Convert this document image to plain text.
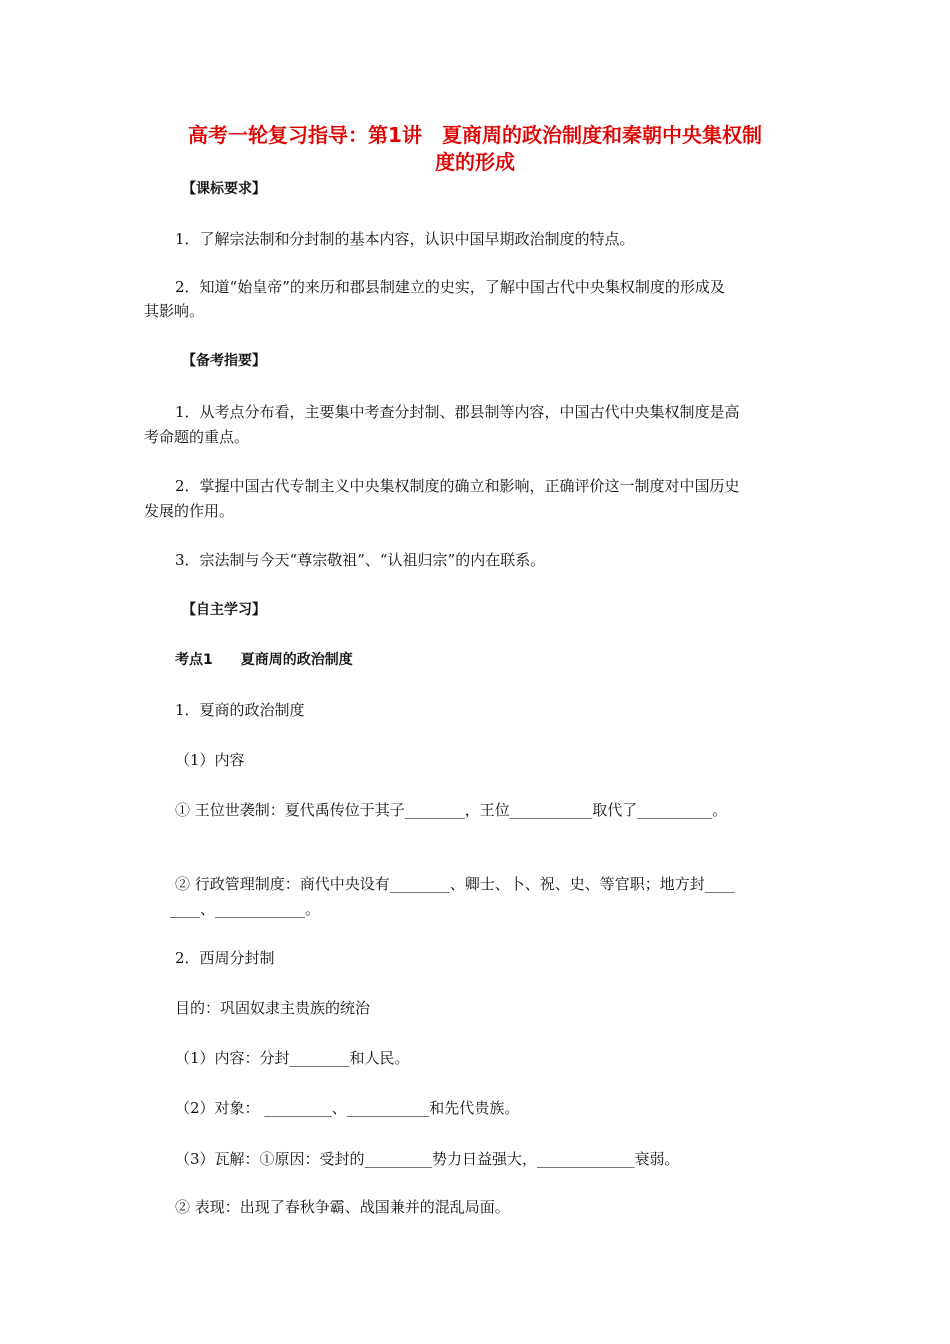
高考一轮复习指导：第1讲　夏商周的政治制度和秦朝中央集权制
度的形成
【课标要求】
1．了解宗法制和分封制的基本内容，认识中国早期政治制度的特点。
2．知道“始皇帝”的来历和郡县制建立的史实，了解中国古代中央集权制度的形成及
其影响。
【备考指要】
1．从考点分布看，主要集中考查分封制、郡县制等内容，中国古代中央集权制度是高
考命题的重点。
2．掌握中国古代专制主义中央集权制度的确立和影响，正确评价这一制度对中国历史
发展的作用。
3．宗法制与今天“尊宗敬祖”、“认祖归宗”的内在联系。
【自主学习】
考点1　　夏商周的政治制度
1．夏商的政治制度
（1）内容
① 王位世袭制：夏代禹传位于其子________，王位___________取代了__________。
② 行政管理制度：商代中央设有________、卿士、卜、祝、史、等官职；地方封____
____、____________。
2．西周分封制
目的：巩固奴隶主贵族的统治
（1）内容：分封________和人民。
（2）对象： _________、___________和先代贵族。
（3）瓦解：①原因：受封的_________势力日益强大，_____________衰弱。
② 表现：出现了春秋争霸、战国兼并的混乱局面。
